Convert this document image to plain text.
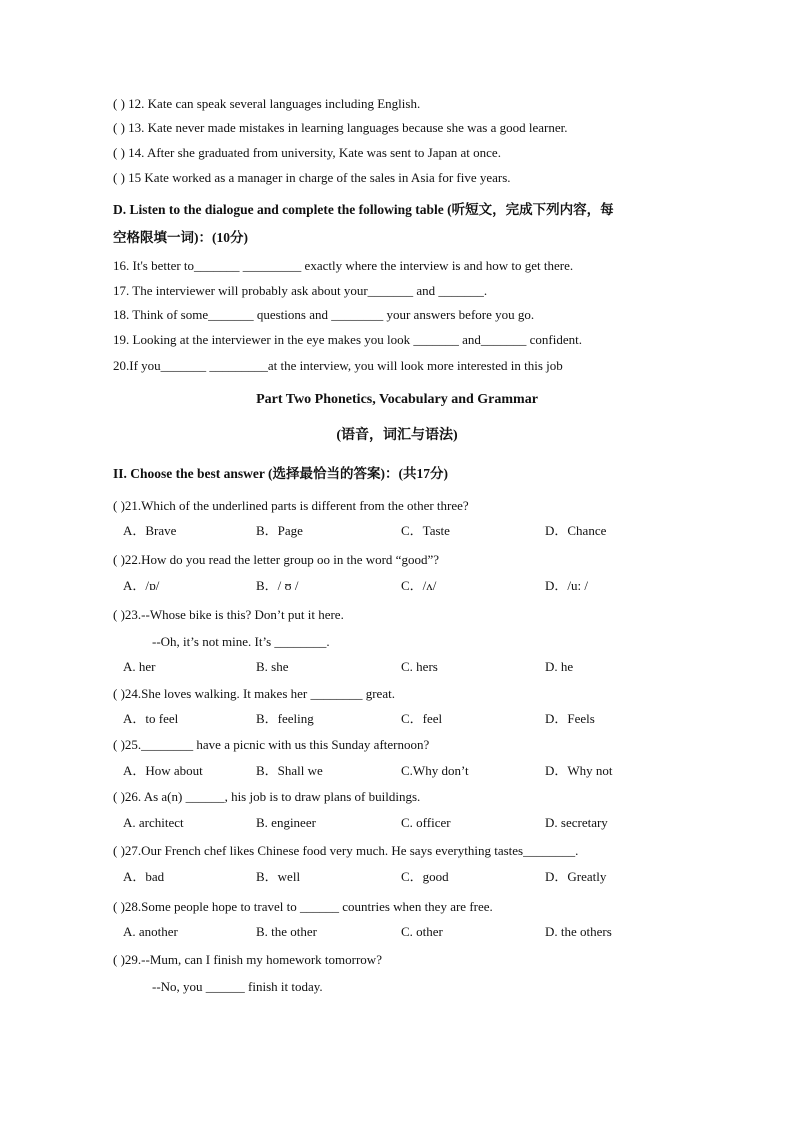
( ) 12. Kate can speak several languages including English.
( ) 13. Kate never made mistakes in learning languages because she was a good learner.
( ) 14. After she graduated from university, Kate was sent to Japan at once.
( ) 15 Kate worked as a manager in charge of the sales in Asia for five years.
D. Listen to the dialogue and complete the following table (听短文，完成下列内容，每
空格限填一词)：(10分)
16. It's better to_______ _________ exactly where the interview is and how to get there.
17. The interviewer will probably ask about your_______ and _______.
18. Think of some_______ questions and ________ your answers before you go.
19. Looking at the interviewer in the eye makes you look _______ and_______ confident.
20.If you_______ _________at the interview, you will look more interested in this job
Part Two Phonetics, Vocabulary and Grammar
(语音，词汇与语法)
II. Choose the best answer (选择最恰当的答案)：(共17分)
( )21.Which of the underlined parts is different from the other three?
A．Brave	B．Page	C．Taste	D．Chance
( )22.How do you read the letter group oo in the word “good”?
A．/ɒ/	B．/ ʊ /	C．/ʌ/	D．/u: /
( )23.--Whose bike is this? Don’t put it here.
--Oh, it’s not mine. It’s ________.
A. her	B. she	C. hers	D. he
( )24.She loves walking. It makes her ________ great.
A．to feel	B．feeling	C．feel	D．Feels
( )25.________ have a picnic with us this Sunday afternoon?
A．How about	B．Shall we	C.Why don’t	D．Why not
( )26. As a(n) ______, his job is to draw plans of buildings.
A. architect	B. engineer	C. officer	D. secretary
( )27.Our French chef likes Chinese food very much. He says everything tastes________.
A．bad	B．well	C．good	D．Greatly
( )28.Some people hope to travel to ______ countries when they are free.
A. another	B. the other	C. other	D. the others
( )29.--Mum, can I finish my homework tomorrow?
--No, you ______ finish it today.
